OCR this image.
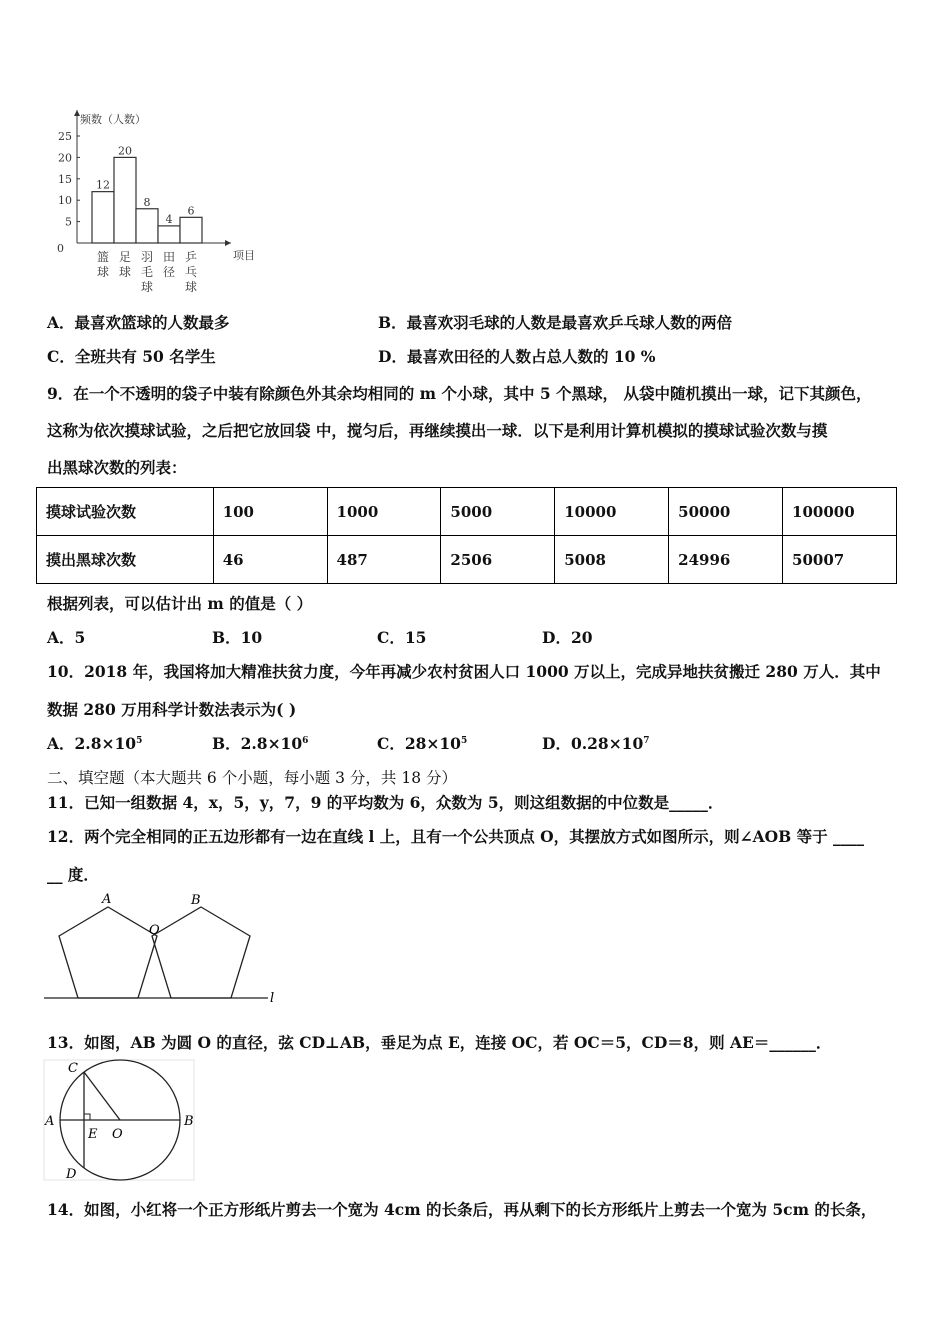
频数（人数）
项目
25
20
15
10
5
0
12
篮
球
20
足
球
8
羽
毛
球
4
田
径
6
乒
乓
球
A．最喜欢篮球的人数最多	B．最喜欢羽毛球的人数是最喜欢乒乓球人数的两倍
C．全班共有 50 名学生	D．最喜欢田径的人数占总人数的 10 %
9．在一个不透明的袋子中装有除颜色外其余均相同的 m 个小球，其中 5 个黑球， 从袋中随机摸出一球，记下其颜色，
这称为依次摸球试验，之后把它放回袋 中，搅匀后，再继续摸出一球．以下是利用计算机模拟的摸球试验次数与摸
出黑球次数的列表：
摸球试验次数	100	1000	5000	10000	50000	100000
摸出黑球次数	46	487	2506	5008	24996	50007
根据列表，可以估计出 m 的值是（ ）
A．5	B．10	C．15	D．20
10．2018 年，我国将加大精准扶贫力度，今年再减少农村贫困人口 1000 万以上，完成异地扶贫搬迁 280 万人．其中
数据 280 万用科学计数法表示为( )
A．$2.8\times 10^5$	B．$2.8\times 10^6$	C．$28\times 10^5$	D．$0.28\times 10^7$
二、填空题（本大题共 6 个小题，每小题 3 分，共 18 分）
11．已知一组数据 4，x，5，y，7，9 的平均数为 6，众数为 5，则这组数据的中位数是_____．
12．两个完全相同的正五边形都有一边在直线 l 上，且有一个公共顶点 O，其摆放方式如图所示，则∠AOB 等于 ____
__ 度．
A	B
O
l
13．如图，AB 为圆 O 的直径，弦 CD⊥AB，垂足为点 E，连接 OC，若 OC＝5，CD＝8，则 AE＝______．
C
A
E O
B
D
14．如图，小红将一个正方形纸片剪去一个宽为 4cm 的长条后，再从剩下的长方形纸片上剪去一个宽为 5cm 的长条，
